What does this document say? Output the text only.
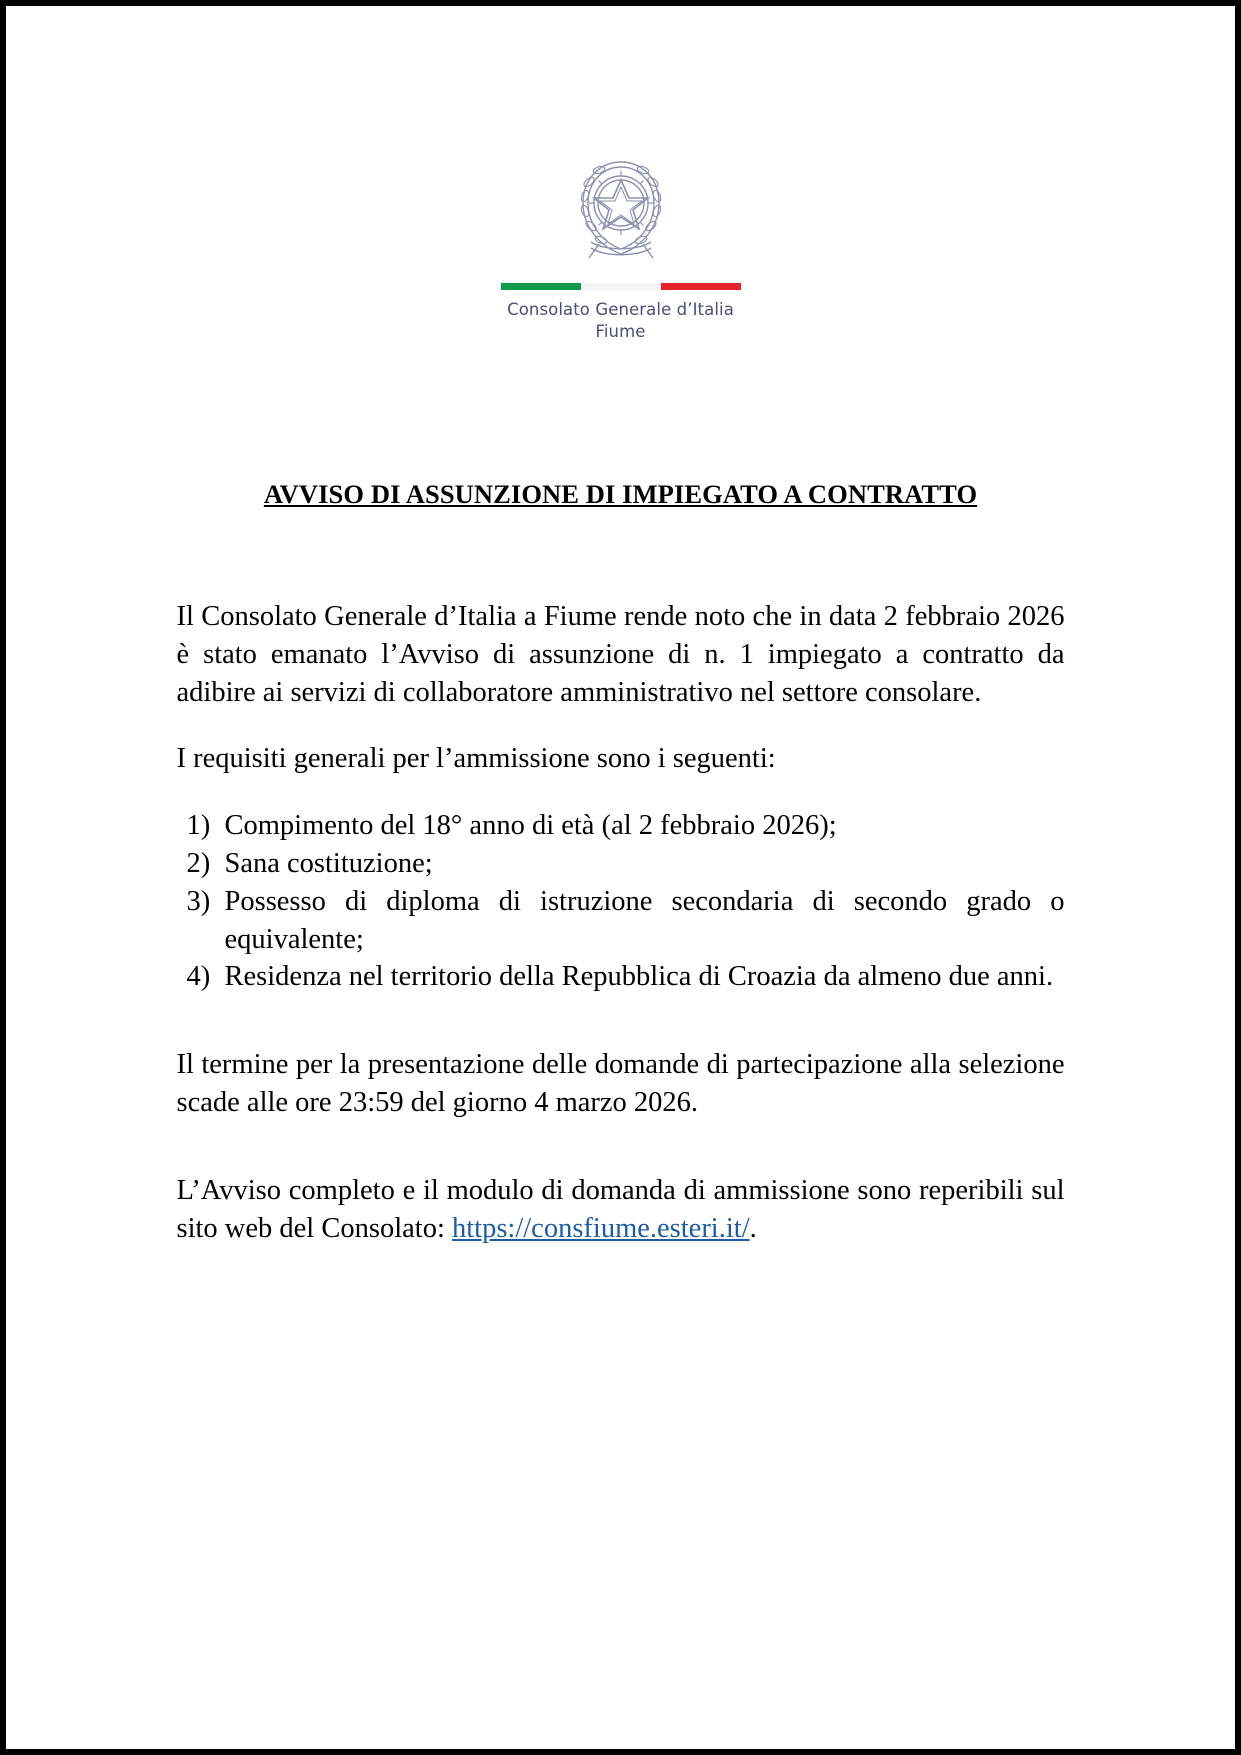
Consolato Generale d’Italia
Fiume
AVVISO DI ASSUNZIONE DI IMPIEGATO A CONTRATTO

Il Consolato Generale d’Italia a Fiume rende noto che in data 2 febbraio 2026 è stato emanato l’Avviso di assunzione di n. 1 impiegato a contratto da adibire ai servizi di collaboratore amministrativo nel settore consolare.

I requisiti generali per l’ammissione sono i seguenti:

1) Compimento del 18° anno di età (al 2 febbraio 2026);
2) Sana costituzione;
3) Possesso di diploma di istruzione secondaria di secondo grado o equivalente;
4) Residenza nel territorio della Repubblica di Croazia da almeno due anni.

Il termine per la presentazione delle domande di partecipazione alla selezione scade alle ore 23:59 del giorno 4 marzo 2026.

L’Avviso completo e il modulo di domanda di ammissione sono reperibili sul sito web del Consolato: https://consfiume.esteri.it/.
